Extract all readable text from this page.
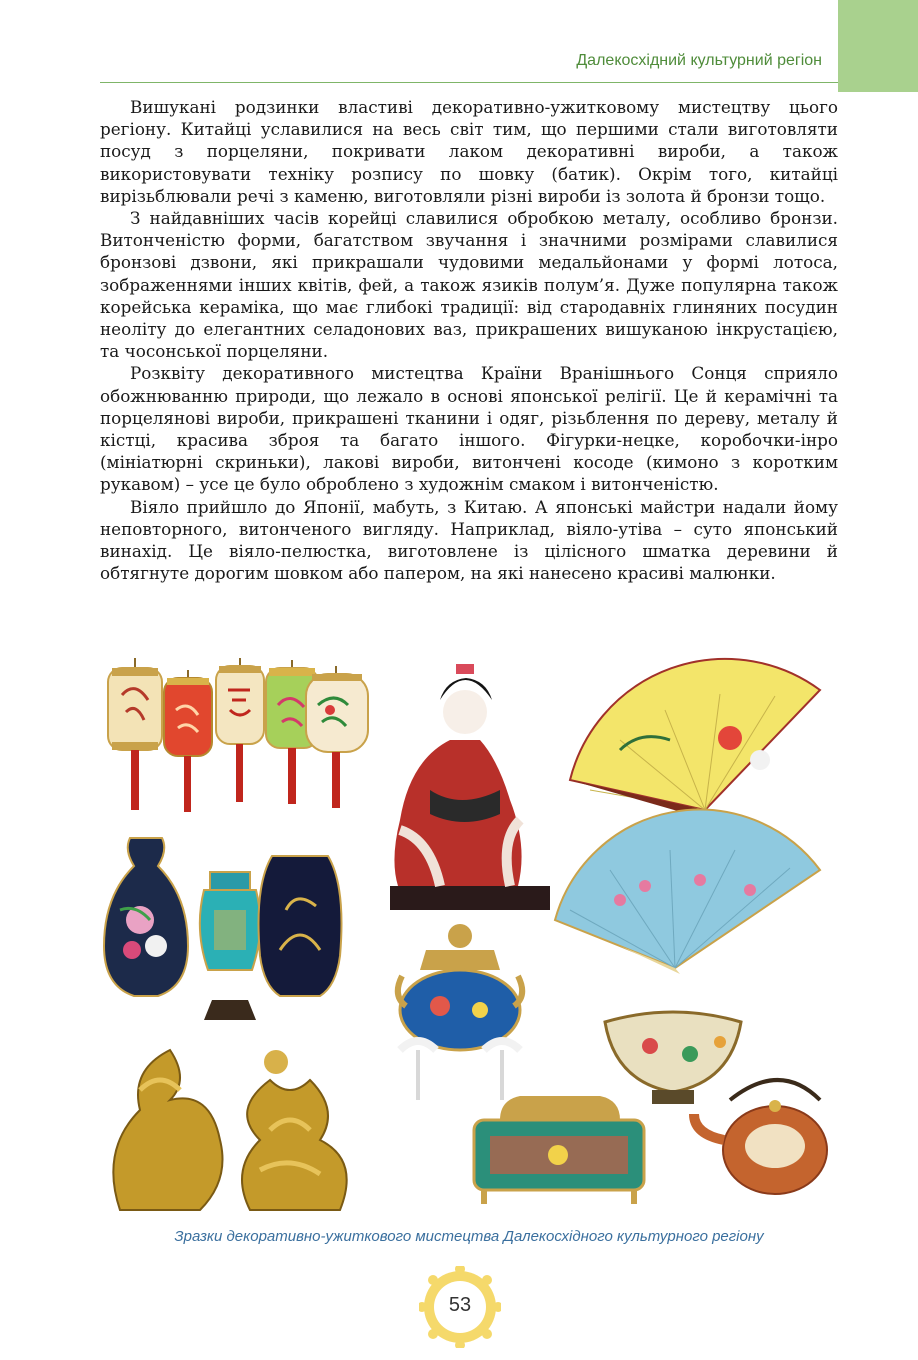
Далекосхідний культурний регіон

Вишукані родзинки властиві декоративно-ужитковому мистецтву цього регіону. Китайці уславилися на весь світ тим, що першими стали виготовляти посуд з порцеляни, покривати лаком декоративні вироби, а також використовувати техніку розпису по шовку (батик). Окрім того, китайці вирізьблювали речі з каменю, виготовляли різні вироби із золота й бронзи тощо.

З найдавніших часів корейці славилися обробкою металу, особливо бронзи. Витонченістю форми, багатством звучання і значними розмірами славилися бронзові дзвони, які прикрашали чудовими медальйонами у формі лотоса, зображеннями інших квітів, фей, а також язиків полум’я. Дуже популярна також корейська кераміка, що має глибокі традиції: від стародавніх глиняних посудин неоліту до елегантних селадонових ваз, прикрашених вишуканою інкрустацією, та чосонської порцеляни.

Розквіту декоративного мистецтва Країни Вранішнього Сонця сприяло обожнюванню природи, що лежало в основі японської релігії. Це й керамічні та порцелянові вироби, прикрашені тканини і одяг, різьблення по дереву, металу й кістці, красива зброя та багато іншого. Фігурки-нецке, коробочки-інро (мініатюрні скриньки), лакові вироби, витончені косоде (кимоно з коротким рукавом) – усе це було оброблено з художнім смаком і витонченістю.

Віяло прийшло до Японії, мабуть, з Китаю. А японські майстри надали йому неповторного, витонченого вигляду. Наприклад, віяло-утіва – суто японський винахід. Це віяло-пелюстка, виготовлене із цілісного шматка деревини й обтягнуте дорогим шовком або папером, на які нанесено красиві малюнки.

Зразки декоративно-ужиткового мистецтва Далекосхідного культурного регіону
53
